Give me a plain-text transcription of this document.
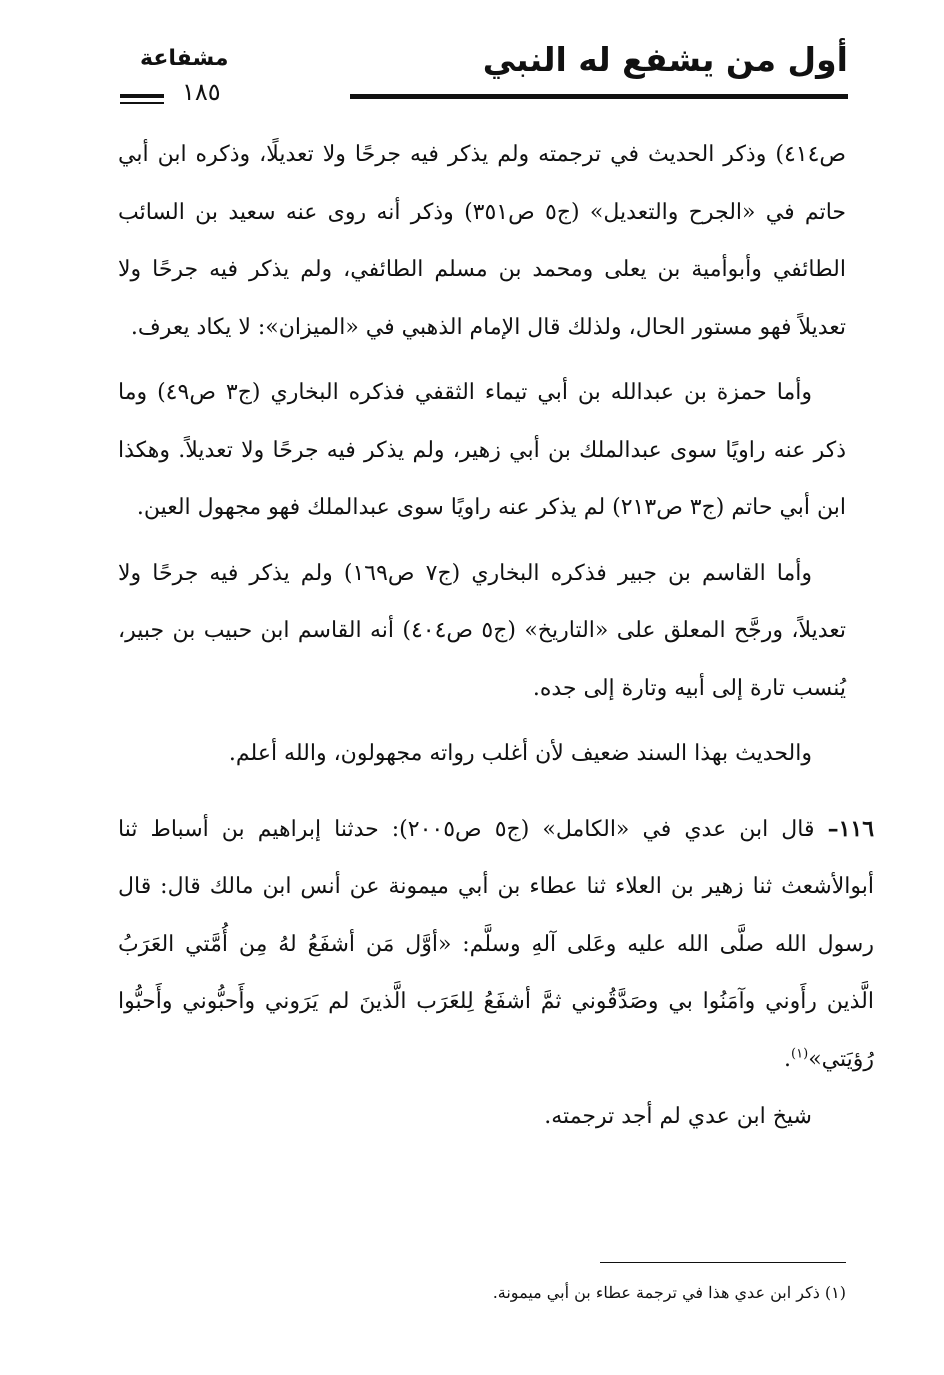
أول من يشفع له النبي
مشفاعة
١٨٥

ص٤١٤) وذكر الحديث في ترجمته ولم يذكر فيه جرحًا ولا تعديلًا، وذكره ابن أبي حاتم في «الجرح والتعديل» (ج٥ ص٣٥١) وذكر أنه روى عنه سعيد بن السائب الطائفي وأبوأمية بن يعلى ومحمد بن مسلم الطائفي، ولم يذكر فيه جرحًا ولا تعديلاً فهو مستور الحال، ولذلك قال الإمام الذهبي في «الميزان»: لا يكاد يعرف.

وأما حمزة بن عبدالله بن أبي تيماء الثقفي فذكره البخاري (ج٣ ص٤٩) وما ذكر عنه راويًا سوى عبدالملك بن أبي زهير، ولم يذكر فيه جرحًا ولا تعديلاً. وهكذا ابن أبي حاتم (ج٣ ص٢١٣) لم يذكر عنه راويًا سوى عبدالملك فهو مجهول العين.

وأما القاسم بن جبير فذكره البخاري (ج٧ ص١٦٩) ولم يذكر فيه جرحًا ولا تعديلاً، ورجَّح المعلق على «التاريخ» (ج٥ ص٤٠٤) أنه القاسم ابن حبيب بن جبير، يُنسب تارة إلى أبيه وتارة إلى جده.

والحديث بهذا السند ضعيف لأن أغلب رواته مجهولون، والله أعلم.

١١٦– قال ابن عدي في «الكامل» (ج٥ ص٢٠٠٥): حدثنا إبراهيم بن أسباط ثنا أبوالأشعث ثنا زهير بن العلاء ثنا عطاء بن أبي ميمونة عن أنس ابن مالك قال: قال رسول الله صلَّى الله عليه وعَلى آلهِ وسلَّم: «أوَّل مَن أشفَعُ لهُ مِن أُمَّتي العَرَبُ الَّذين رأَوني وآمَنُوا بي وصَدَّقُوني ثمَّ أشفَعُ لِلعَرَب الَّذينَ لم يَرَوني وأَحبُّوني وأَحبُّوا رُؤيَتي»$^{(١)}$.

شيخ ابن عدي لم أجد ترجمته.

(١) ذكر ابن عدي هذا في ترجمة عطاء بن أبي ميمونة.
